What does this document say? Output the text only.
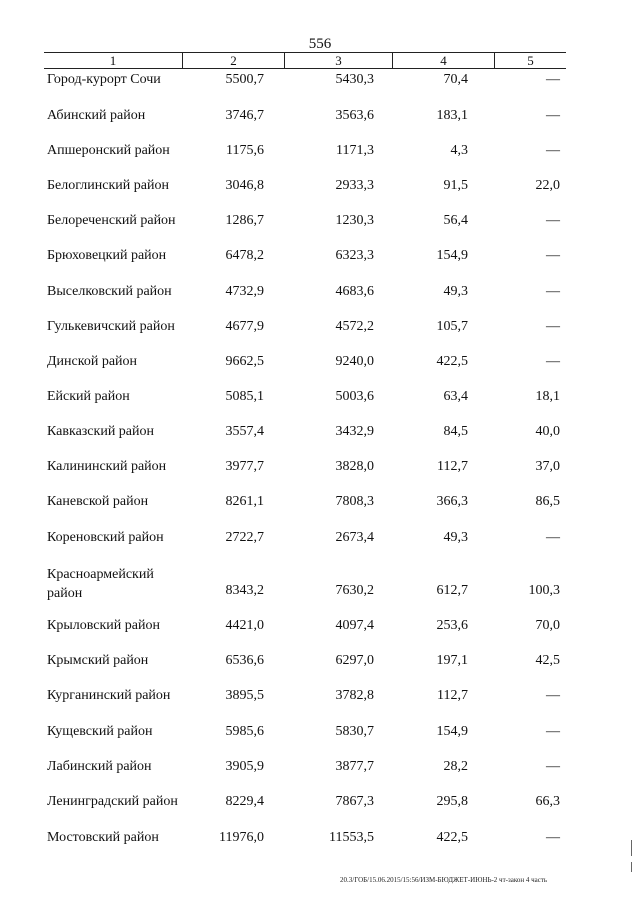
556
1	2	3	4	5
Город-курорт Сочи	5500,7	5430,3	70,4	—
Абинский район	3746,7	3563,6	183,1	—
Апшеронский район	1175,6	1171,3	4,3	—
Белоглинский район	3046,8	2933,3	91,5	22,0
Белореченский район	1286,7	1230,3	56,4	—
Брюховецкий район	6478,2	6323,3	154,9	—
Выселковский район	4732,9	4683,6	49,3	—
Гулькевичский район	4677,9	4572,2	105,7	—
Динской район	9662,5	9240,0	422,5	—
Ейский район	5085,1	5003,6	63,4	18,1
Кавказский район	3557,4	3432,9	84,5	40,0
Калининский район	3977,7	3828,0	112,7	37,0
Каневской район	8261,1	7808,3	366,3	86,5
Кореновский район	2722,7	2673,4	49,3	—
Красноармейский район	8343,2	7630,2	612,7	100,3
Крыловский район	4421,0	4097,4	253,6	70,0
Крымский район	6536,6	6297,0	197,1	42,5
Курганинский район	3895,5	3782,8	112,7	—
Кущевский район	5985,6	5830,7	154,9	—
Лабинский район	3905,9	3877,7	28,2	—
Ленинградский район	8229,4	7867,3	295,8	66,3
Мостовский район	11976,0	11553,5	422,5	—
20.3/ГОБ/15.06.2015/15:56/ИЗМ-БЮДЖЕТ-ИЮНЬ-2 чт-закон 4 часть
